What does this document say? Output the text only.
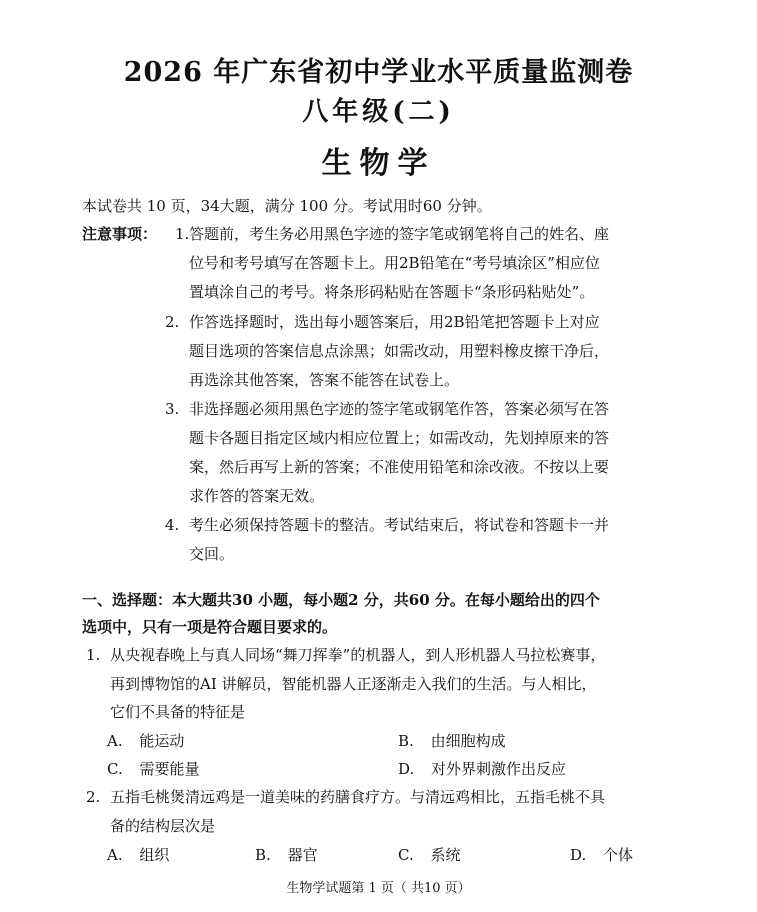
2026 年广东省初中学业水平质量监测卷
八年级(二)
生物学
本试卷共 10 页，34大题，满分 100 分。考试用时60 分钟。
注意事项： 1. 答题前，考生务必用黑色字迹的签字笔或钢笔将自己的姓名、座
位号和考号填写在答题卡上。用2B铅笔在“考号填涂区”相应位
置填涂自己的考号。将条形码粘贴在答题卡“条形码粘贴处”。
2. 作答选择题时，选出每小题答案后，用2B铅笔把答题卡上对应
题目选项的答案信息点涂黑；如需改动，用塑料橡皮擦干净后，
再选涂其他答案，答案不能答在试卷上。
3. 非选择题必须用黑色字迹的签字笔或钢笔作答，答案必须写在答
题卡各题目指定区域内相应位置上；如需改动，先划掉原来的答
案，然后再写上新的答案；不准使用铅笔和涂改液。不按以上要
求作答的答案无效。
4. 考生必须保持答题卡的整洁。考试结束后，将试卷和答题卡一并
交回。
一、选择题：本大题共30 小题，每小题2 分，共60 分。在每小题给出的四个
选项中，只有一项是符合题目要求的。
1. 从央视春晚上与真人同场“舞刀挥拳”的机器人，到人形机器人马拉松赛事，
再到博物馆的AI 讲解员，智能机器人正逐渐走入我们的生活。与人相比，
它们不具备的特征是
A. 能运动	B. 由细胞构成
C. 需要能量	D. 对外界刺激作出反应
2. 五指毛桃煲清远鸡是一道美味的药膳食疗方。与清远鸡相比，五指毛桃不具
备的结构层次是
A. 组织	B. 器官	C. 系统	D. 个体
生物学试题第 1 页（ 共10 页）
